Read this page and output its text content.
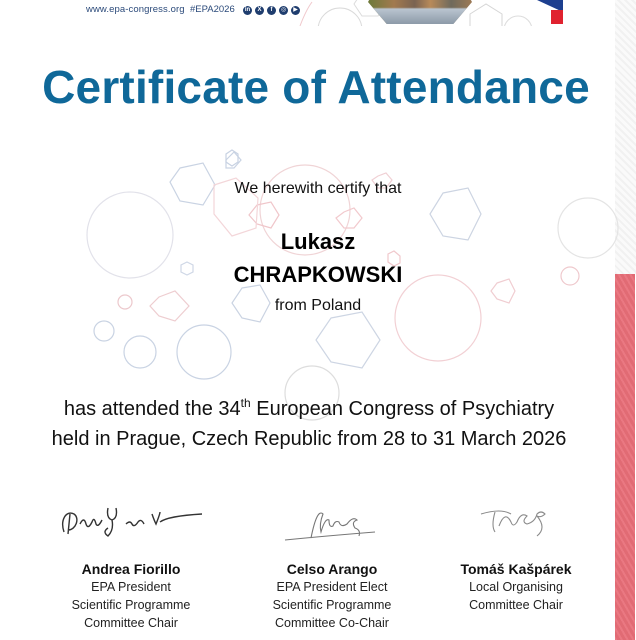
www.epa-congress.org #EPA2026	in	X	f	◎	▶
Certificate of Attendance
We herewith certify that
Lukasz
CHRAPKOWSKI
from Poland
has attended the 34th European Congress of Psychiatry
held in Prague, Czech Republic from 28 to 31 March 2026
Andrea Fiorillo
EPA President
Scientific Programme
Committee Chair
Celso Arango
EPA President Elect
Scientific Programme
Committee Co-Chair
Tomáš Kašpárek
Local Organising
Committee Chair
